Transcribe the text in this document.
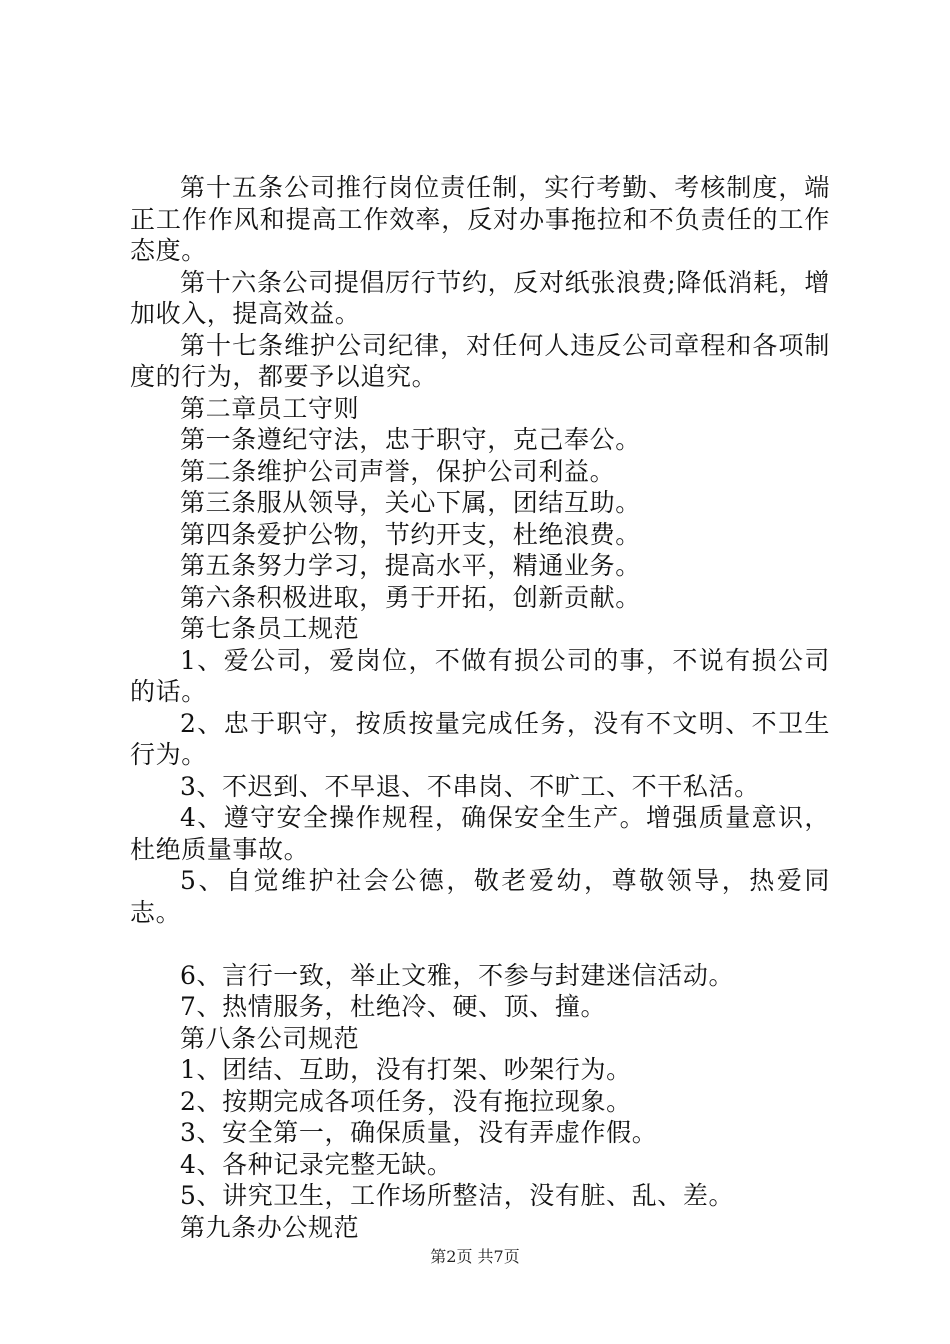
第十五条公司推行岗位责任制，实行考勤、考核制度，端正工作作风和提高工作效率，反对办事拖拉和不负责任的工作态度。

第十六条公司提倡厉行节约，反对纸张浪费;降低消耗，增加收入，提高效益。

第十七条维护公司纪律，对任何人违反公司章程和各项制度的行为，都要予以追究。

第二章员工守则

第一条遵纪守法，忠于职守，克己奉公。

第二条维护公司声誉，保护公司利益。

第三条服从领导，关心下属，团结互助。

第四条爱护公物，节约开支，杜绝浪费。

第五条努力学习，提高水平，精通业务。

第六条积极进取，勇于开拓，创新贡献。

第七条员工规范

1、爱公司，爱岗位，不做有损公司的事，不说有损公司的话。

2、忠于职守，按质按量完成任务，没有不文明、不卫生行为。

3、不迟到、不早退、不串岗、不旷工、不干私活。

4、遵守安全操作规程，确保安全生产。增强质量意识，杜绝质量事故。

5、自觉维护社会公德，敬老爱幼，尊敬领导，热爱同志。

6、言行一致，举止文雅，不参与封建迷信活动。

7、热情服务，杜绝冷、硬、顶、撞。

第八条公司规范

1、团结、互助，没有打架、吵架行为。

2、按期完成各项任务，没有拖拉现象。

3、安全第一，确保质量，没有弄虚作假。

4、各种记录完整无缺。

5、讲究卫生，工作场所整洁，没有脏、乱、差。

第九条办公规范

第2页 共7页
